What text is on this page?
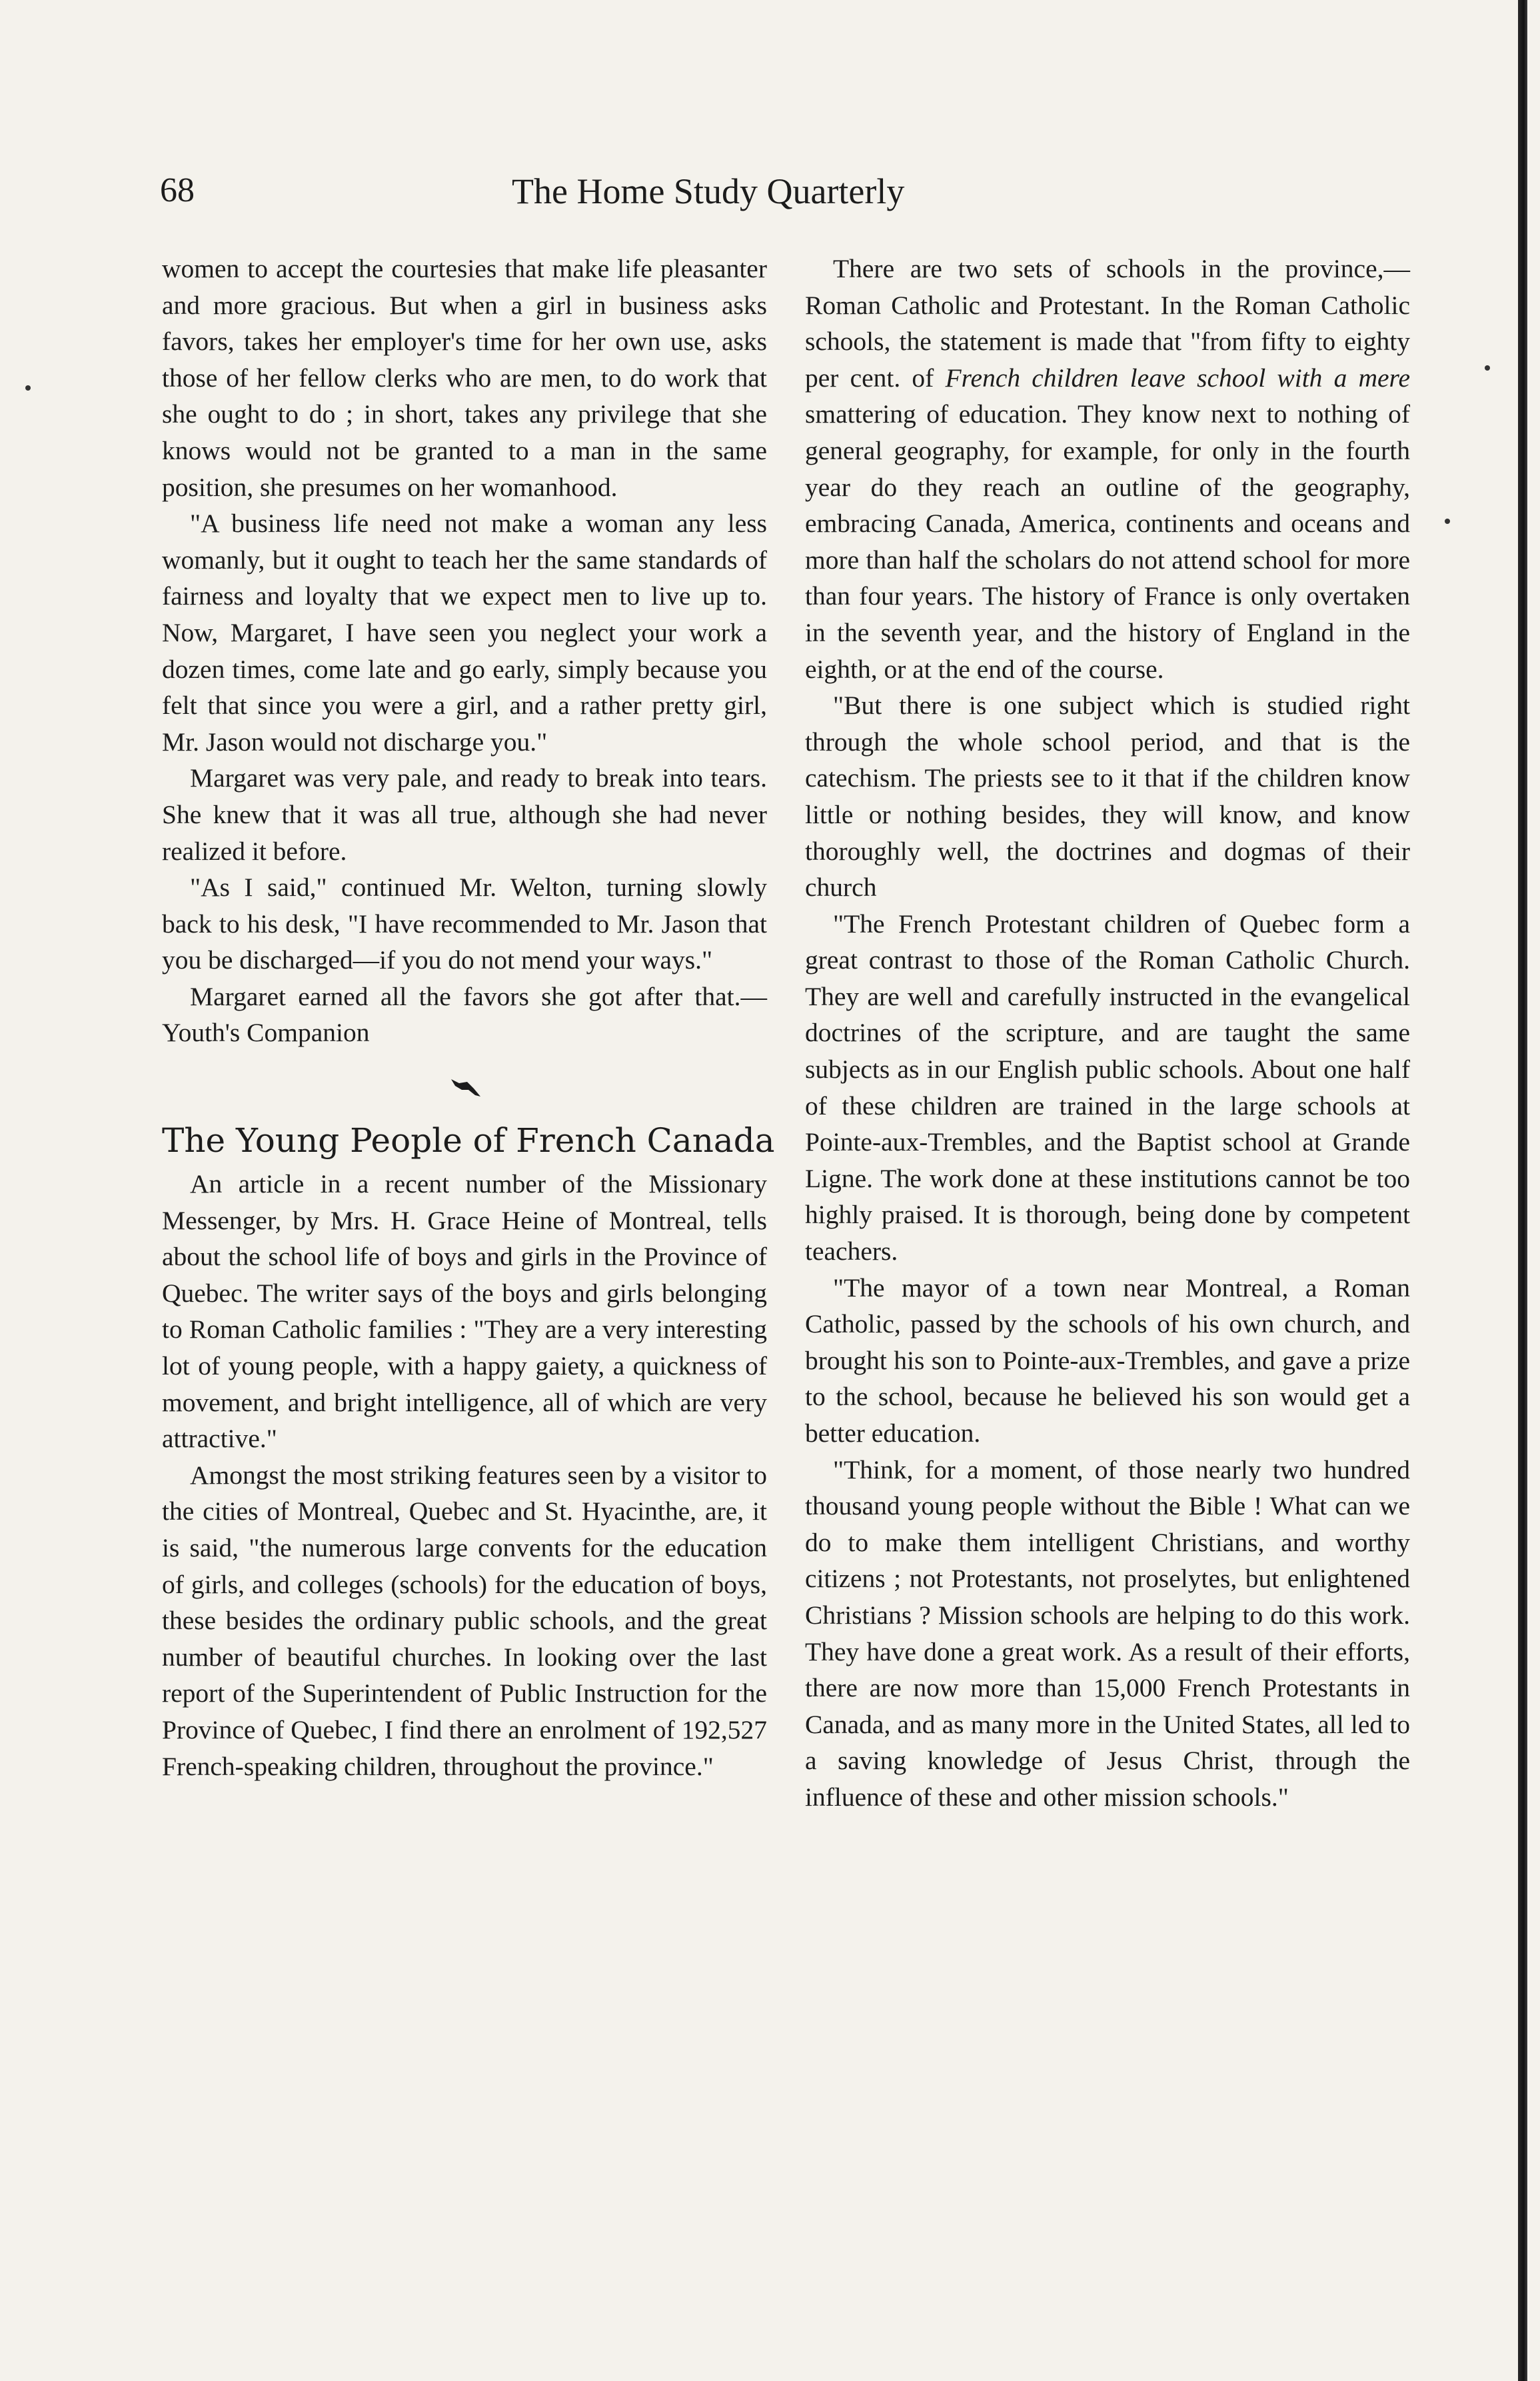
68	The Home Study Quarterly

women to accept the courtesies that make life pleasanter and more gracious. But when a girl in business asks favors, takes her employer's time for her own use, asks those of her fellow clerks who are men, to do work that she ought to do ; in short, takes any privilege that she knows would not be granted to a man in the same position, she presumes on her womanhood.

"A business life need not make a woman any less womanly, but it ought to teach her the same standards of fairness and loyalty that we expect men to live up to. Now, Margaret, I have seen you neglect your work a dozen times, come late and go early, simply because you felt that since you were a girl, and a rather pretty girl, Mr. Jason would not discharge you."

Margaret was very pale, and ready to break into tears. She knew that it was all true, although she had never realized it before.

"As I said," continued Mr. Welton, turning slowly back to his desk, "I have recommended to Mr. Jason that you be discharged—if you do not mend your ways."

Margaret earned all the favors she got after that.—Youth's Companion

The Young People of French Canada

An article in a recent number of the Missionary Messenger, by Mrs. H. Grace Heine of Montreal, tells about the school life of boys and girls in the Province of Quebec. The writer says of the boys and girls belonging to Roman Catholic families : "They are a very interesting lot of young people, with a happy gaiety, a quickness of movement, and bright intelligence, all of which are very attractive."

Amongst the most striking features seen by a visitor to the cities of Montreal, Quebec and St. Hyacinthe, are, it is said, "the numerous large convents for the education of girls, and colleges (schools) for the education of boys, these besides the ordinary public schools, and the great number of beautiful churches. In looking over the last report of the Superintendent of Public Instruction for the Province of Quebec, I find there an enrolment of 192,527 French-speaking children, throughout the province."

There are two sets of schools in the province,—Roman Catholic and Protestant. In the Roman Catholic schools, the statement is made that "from fifty to eighty per cent. of French children leave school with a mere smattering of education. They know next to nothing of general geography, for example, for only in the fourth year do they reach an outline of the geography, embracing Canada, America, continents and oceans and more than half the scholars do not attend school for more than four years. The history of France is only overtaken in the seventh year, and the history of England in the eighth, or at the end of the course.

"But there is one subject which is studied right through the whole school period, and that is the catechism. The priests see to it that if the children know little or nothing besides, they will know, and know thoroughly well, the doctrines and dogmas of their church

"The French Protestant children of Quebec form a great contrast to those of the Roman Catholic Church. They are well and carefully instructed in the evangelical doctrines of the scripture, and are taught the same subjects as in our English public schools. About one half of these children are trained in the large schools at Pointe-aux-Trembles, and the Baptist school at Grande Ligne. The work done at these institutions cannot be too highly praised. It is thorough, being done by competent teachers.

"The mayor of a town near Montreal, a Roman Catholic, passed by the schools of his own church, and brought his son to Pointe-aux-Trembles, and gave a prize to the school, because he believed his son would get a better education.

"Think, for a moment, of those nearly two hundred thousand young people without the Bible ! What can we do to make them intelligent Christians, and worthy citizens ; not Protestants, not proselytes, but enlightened Christians ? Mission schools are helping to do this work. They have done a great work. As a result of their efforts, there are now more than 15,000 French Protestants in Canada, and as many more in the United States, all led to a saving knowledge of Jesus Christ, through the influence of these and other mission schools."
